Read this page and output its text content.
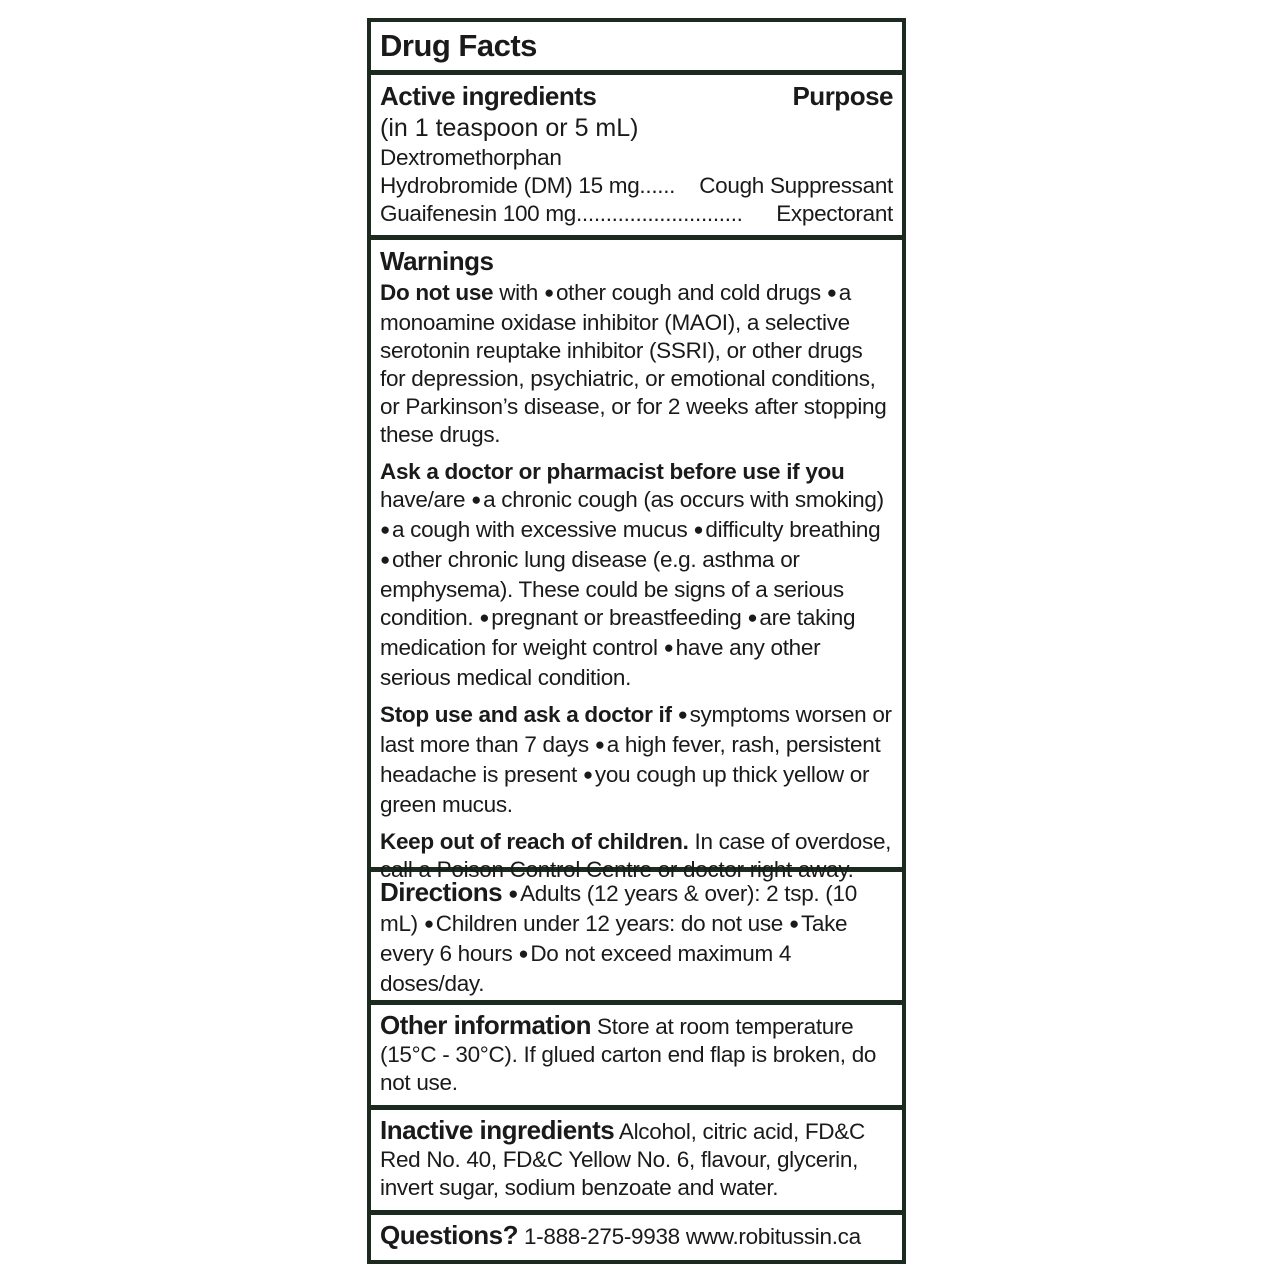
Drug Facts
Active ingredients	Purpose
(in 1 teaspoon or 5 mL)
Dextromethorphan
Hydrobromide (DM) 15 mg...... Cough Suppressant
Guaifenesin 100 mg............................ Expectorant
Warnings
Do not use with ● other cough and cold drugs ● a monoamine oxidase inhibitor (MAOI), a selective serotonin reuptake inhibitor (SSRI), or other drugs for depression, psychiatric, or emotional conditions, or Parkinson’s disease, or for 2 weeks after stopping these drugs.
Ask a doctor or pharmacist before use if you have/are ● a chronic cough (as occurs with smoking) ● a cough with excessive mucus ● difficulty breathing ● other chronic lung disease (e.g. asthma or emphysema). These could be signs of a serious condition. ● pregnant or breastfeeding ● are taking medication for weight control ● have any other serious medical condition.
Stop use and ask a doctor if ● symptoms worsen or last more than 7 days ● a high fever, rash, persistent headache is present ● you cough up thick yellow or green mucus.
Keep out of reach of children. In case of overdose, call a Poison Control Centre or doctor right away.
Directions ● Adults (12 years & over): 2 tsp. (10 mL) ● Children under 12 years: do not use ● Take every 6 hours ● Do not exceed maximum 4 doses/day.
Other information Store at room temperature (15°C - 30°C). If glued carton end flap is broken, do not use.
Inactive ingredients Alcohol, citric acid, FD&C Red No. 40, FD&C Yellow No. 6, flavour, glycerin, invert sugar, sodium benzoate and water.
Questions? 1-888-275-9938 www.robitussin.ca
